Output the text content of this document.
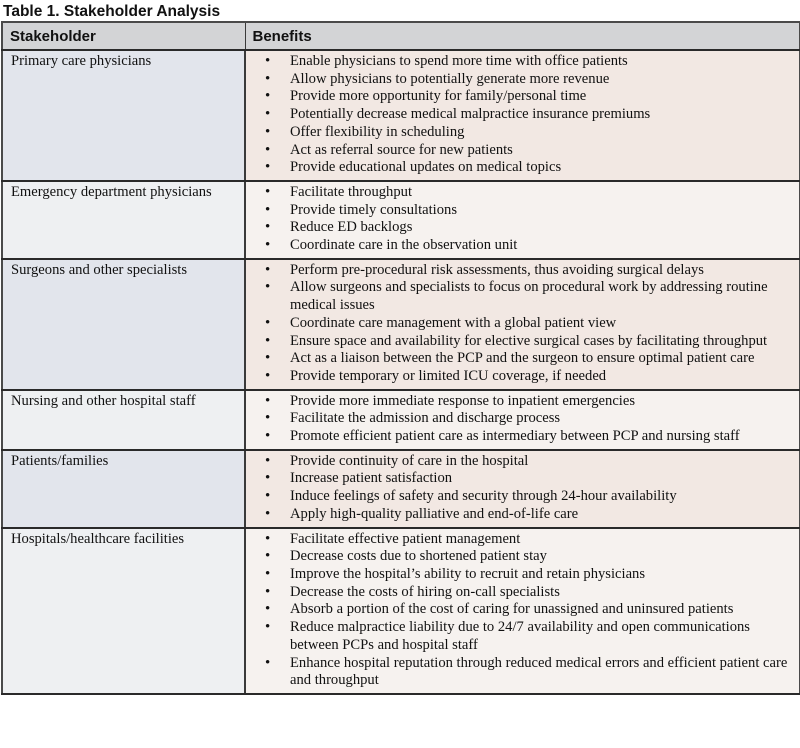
Table 1. Stakeholder Analysis
Stakeholder	Benefits
Primary care physicians	
•Enable physicians to spend more time with office patients
• Allow physicians to potentially generate more revenue
• Provide more opportunity for family/personal time
• Potentially decrease medical malpractice insurance premiums
• Offer flexibility in scheduling
• Act as referral source for new patients
• Provide educational updates on medical topics

Emergency department physicians	
•Facilitate throughput
• Provide timely consultations
• Reduce ED backlogs
• Coordinate care in the observation unit

Surgeons and other specialists	
•Perform pre-procedural risk assessments, thus avoiding surgical delays
• Allow surgeons and specialists to focus on procedural work by addressing routine medical issues
• Coordinate care management with a global patient view
• Ensure space and availability for elective surgical cases by facilitating throughput
• Act as a liaison between the PCP and the surgeon to ensure optimal patient care
• Provide temporary or limited ICU coverage, if needed

Nursing and other hospital staff	
•Provide more immediate response to inpatient emergencies
• Facilitate the admission and discharge process
• Promote efficient patient care as intermediary between PCP and nursing staff

Patients/families	
•Provide continuity of care in the hospital
• Increase patient satisfaction
• Induce feelings of safety and security through 24-hour availability
• Apply high-quality palliative and end-of-life care

Hospitals/healthcare facilities	
•Facilitate effective patient management
• Decrease costs due to shortened patient stay
• Improve the hospital’s ability to recruit and retain physicians
• Decrease the costs of hiring on-call specialists
• Absorb a portion of the cost of caring for unassigned and uninsured patients
• Reduce malpractice liability due to 24/7 availability and open communications between PCPs and hospital staff
• Enhance hospital reputation through reduced medical errors and efficient patient care and throughput
